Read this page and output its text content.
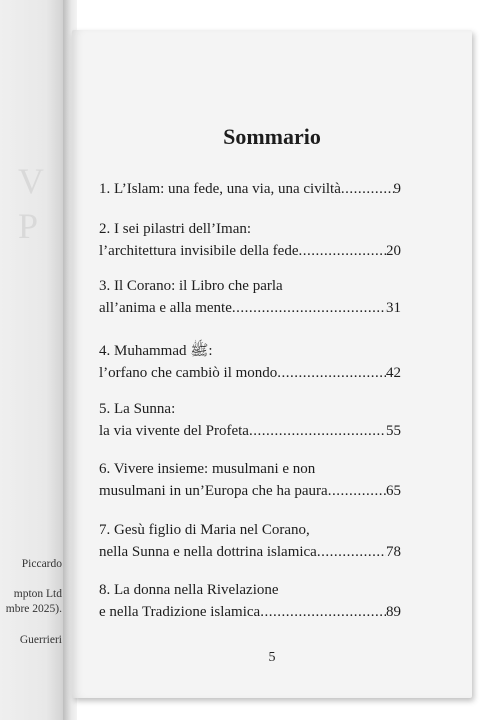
V
P
Piccardo
mpton Ltd
mbre 2025).
Guerrieri
Sommario
1. L’Islam: una fede, una via, una civiltà .....	9
2. I sei pilastri dell’Iman:
l’architettura invisibile della fede .....	20
3. Il Corano: il Libro che parla
all’anima e alla mente .....	31
4. Muhammad ﷺ:
l’orfano che cambiò il mondo .....	42
5. La Sunna:
la via vivente del Profeta .....	55
6. Vivere insieme: musulmani e non
musulmani in un’Europa che ha paura .....	65
7. Gesù figlio di Maria nel Corano,
nella Sunna e nella dottrina islamica .....	78
8. La donna nella Rivelazione
e nella Tradizione islamica .....	89
5
